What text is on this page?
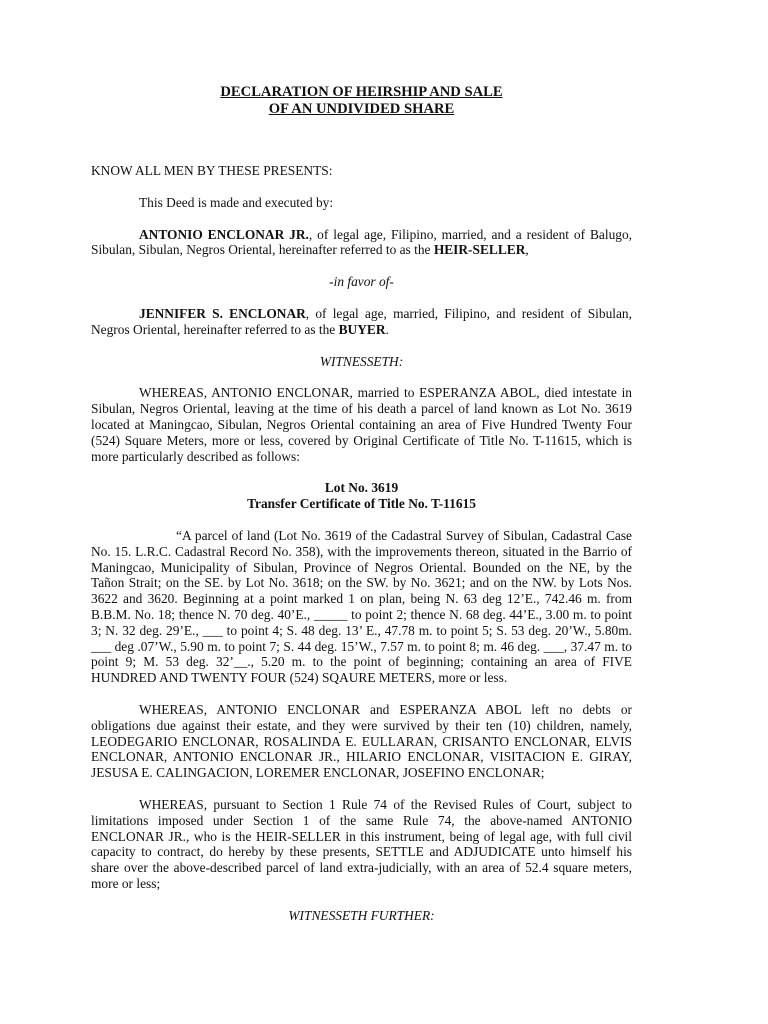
DECLARATION OF HEIRSHIP AND SALE

OF AN UNDIVIDED SHARE

KNOW ALL MEN BY THESE PRESENTS:

This Deed is made and executed by:

ANTONIO ENCLONAR JR., of legal age, Filipino, married, and a resident of Balugo, Sibulan, Sibulan, Negros Oriental, hereinafter referred to as the HEIR-SELLER,

-in favor of-

JENNIFER S. ENCLONAR, of legal age, married, Filipino, and resident of Sibulan, Negros Oriental, hereinafter referred to as the BUYER.

WITNESSETH:

WHEREAS, ANTONIO ENCLONAR, married to ESPERANZA ABOL, died intestate in Sibulan, Negros Oriental, leaving at the time of his death a parcel of land known as Lot No. 3619 located at Maningcao, Sibulan, Negros Oriental containing an area of Five Hundred Twenty Four (524) Square Meters, more or less, covered by Original Certificate of Title No. T-11615, which is more particularly described as follows:

Lot No. 3619

Transfer Certificate of Title No. T-11615

“A parcel of land (Lot No. 3619 of the Cadastral Survey of Sibulan, Cadastral Case No. 15. L.R.C. Cadastral Record No. 358), with the improvements thereon, situated in the Barrio of Maningcao, Municipality of Sibulan, Province of Negros Oriental. Bounded on the NE, by the Tañon Strait; on the SE. by Lot No. 3618; on the SW. by No. 3621; and on the NW. by Lots Nos. 3622 and 3620. Beginning at a point marked 1 on plan, being N. 63 deg 12’E., 742.46 m. from B.B.M. No. 18; thence N. 70 deg. 40’E., _____ to point 2; thence N. 68 deg. 44’E., 3.00 m. to point 3; N. 32 deg. 29’E., ___ to point 4; S. 48 deg. 13’ E., 47.78 m. to point 5; S. 53 deg. 20’W., 5.80m. ___ deg .07’W., 5.90 m. to point 7; S. 44 deg. 15’W., 7.57 m. to point 8; m. 46 deg. ___, 37.47 m. to point 9; M. 53 deg. 32’__., 5.20 m. to the point of beginning; containing an area of FIVE HUNDRED AND TWENTY FOUR (524) SQAURE METERS, more or less.

WHEREAS, ANTONIO ENCLONAR and ESPERANZA ABOL left no debts or obligations due against their estate, and they were survived by their ten (10) children, namely, LEODEGARIO ENCLONAR, ROSALINDA E. EULLARAN, CRISANTO ENCLONAR, ELVIS ENCLONAR, ANTONIO ENCLONAR JR., HILARIO ENCLONAR, VISITACION E. GIRAY, JESUSA E. CALINGACION, LOREMER ENCLONAR, JOSEFINO ENCLONAR;

WHEREAS, pursuant to Section 1 Rule 74 of the Revised Rules of Court, subject to limitations imposed under Section 1 of the same Rule 74, the above-named ANTONIO ENCLONAR JR., who is the HEIR-SELLER in this instrument, being of legal age, with full civil capacity to contract, do hereby by these presents, SETTLE and ADJUDICATE unto himself his share over the above-described parcel of land extra-judicially, with an area of 52.4 square meters, more or less;

WITNESSETH FURTHER:
